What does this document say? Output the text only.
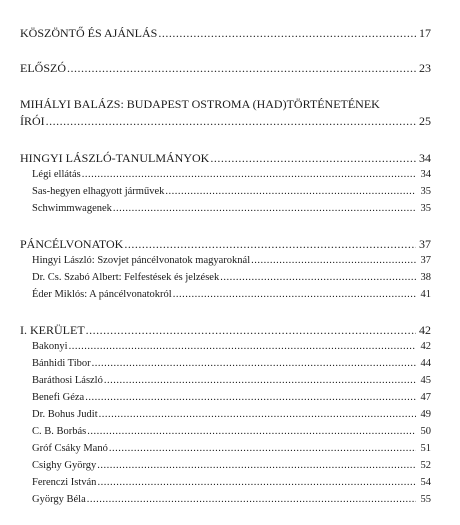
KÖSZÖNTŐ ÉS AJÁNLÁS .....	17
ELŐSZÓ .....	23
MIHÁLYI BALÁZS: BUDAPEST OSTROMA (HAD)TÖRTÉNETÉNEK
ÍRÓI .....	25
HINGYI LÁSZLÓ-TANULMÁNYOK .....	34
Légi ellátás .....	34
Sas-hegyen elhagyott járművek .....	35
Schwimmwagenek .....	35
PÁNCÉLVONATOK .....	37
Hingyi László: Szovjet páncélvonatok magyaroknál .....	37
Dr. Cs. Szabó Albert: Felfestések és jelzések .....	38
Éder Miklós: A páncélvonatokról .....	41
I. KERÜLET .....	42
Bakonyi .....	42
Bánhidi Tibor .....	44
Baráthosi László .....	45
Benefi Géza .....	47
Dr. Bohus Judit .....	49
C. B. Borbás .....	50
Gróf Csáky Manó .....	51
Csighy György .....	52
Ferenczi István .....	54
György Béla .....	55
